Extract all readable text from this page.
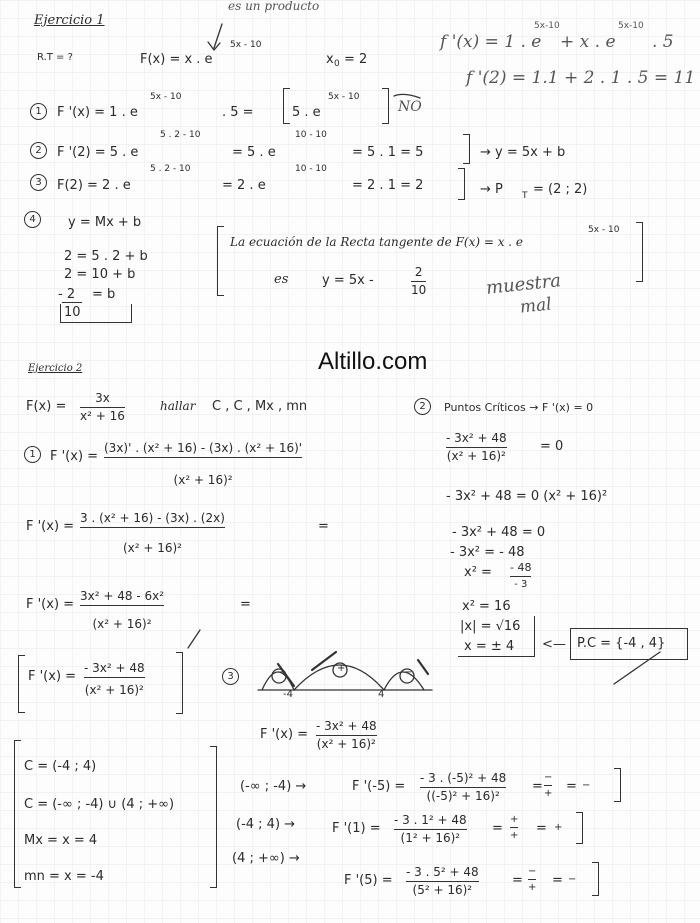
Ejercicio 1
es un producto
R.T = ?	F(x) = x . e
5x - 10
x 0 = 2
f '(x) = 1 . e
5x-10
+ x . e
5x-10
. 5
f '(2) = 1.1 + 2 . 1 . 5 = 11
1	F '(x) = 1 . e
5x - 10
. 5 =	5 . e
5x - 10
NO
2	F '(2) = 5 . e
5 . 2 - 10
= 5 . e
10 - 10
= 5 . 1 = 5	→ y = 5x + b
3	F(2) = 2 . e
5 . 2 - 10
= 2 . e
10 - 10
= 2 . 1 = 2	→ P T = (2 ; 2)
4	y = Mx + b
2 = 5 . 2 + b
2 = 10 + b
- 2 = b
10
La ecuación de la Recta tangente de F(x) = x . e
5x - 10
es	y = 5x -
2
10	muestra
mal
Altillo.com
Ejercicio 2
F(x) =
3x
x² + 16
hallar C , C , Mx , mn
1	F '(x) =
(3x)' . (x² + 16) - (3x) . (x² + 16)'
(x² + 16)²
F '(x) =
3 . (x² + 16) - (3x) . (2x)
(x² + 16)²
=
F '(x) =
3x² + 48 - 6x²
(x² + 16)²
=
F '(x) =
- 3x² + 48
(x² + 16)²
2	Puntos Críticos → F '(x) = 0
- 3x² + 48
(x² + 16)²
= 0
- 3x² + 48 = 0 (x² + 16)²
- 3x² + 48 = 0
- 3x² = - 48
x² = - 48
- 3
x² = 16
|x| = √16
x = ± 4 <— P.C = {-4 , 4}
3	−	+	−
-4	4
F '(x) =
- 3x² + 48
(x² + 16)²
C = (-4 ; 4)
C = (-∞ ; -4) ∪ (4 ; +∞)
Mx = x = 4
mn = x = -4
(-∞ ; -4) →	F '(-5) =
- 3 . (-5)² + 48
((-5)² + 16)²
=
−
+ = −
(-4 ; 4) →	F '(1) =
- 3 . 1² + 48
(1² + 16)²
=
+
+ = +
(4 ; +∞) →
F '(5) =
- 3 . 5² + 48
(5² + 16)²
=
−
+ = −
